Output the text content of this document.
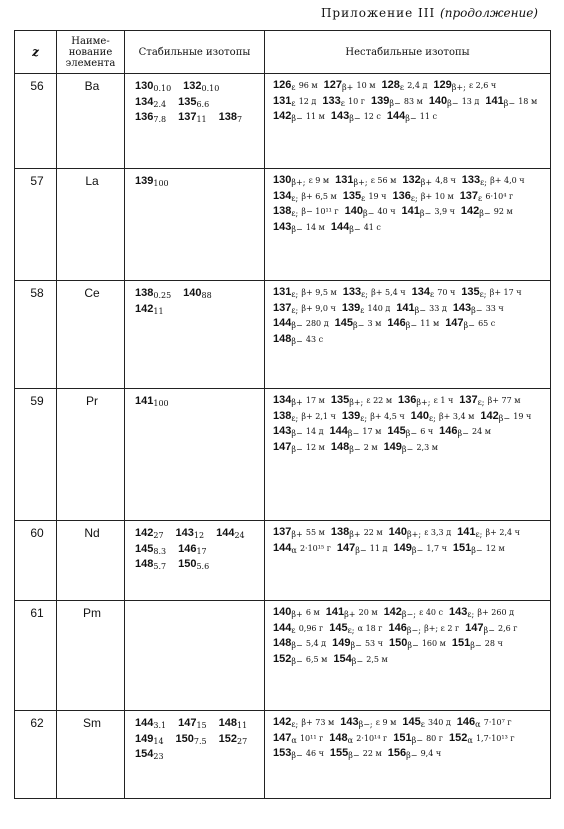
Приложение III (продолжение)
z	Наиме-нование элемента	Стабильные изотопы	Нестабильные изотопы
56	Ba	$130_{0.10}$ $132_{0.10}134_{2.4}$ $135_{6.6}136_{7.8}$ $137_{11}$ $138_7$	$126_\varepsilon$ 96 м $127_{\beta+}$ 10 м $128_\varepsilon$ 2,4 д $129_{\beta+;}$ ε 2,6 $ч131_\varepsilon$ 12 д $133_\varepsilon$ 10 г $139_{\beta-}$ 83 м $140_{\beta-}$ 13 д $141_{\beta-}$ 18 $м142_{\beta-}$ 11 м $143_{\beta-}$ 12 с $144_{\beta-}$ 11 с
57	La	$139_{100}$	$130_{\beta+;}$ ε 9 м $131_{\beta+;}$ ε 56 м $132_{\beta+}$ 4,8 ч $133_{\varepsilon;}$ β+ 4,0 $ч134_{\varepsilon;}$ β+ 6,5 м $135_\varepsilon$ 19 ч $136_{\varepsilon;}$ β+ 10 м $137_\varepsilon$ 6·10⁴ $г138_{\varepsilon;}$ β− 10¹¹ г $140_{\beta-}$ 40 ч $141_{\beta-}$ 3,9 ч $142_{\beta-}$ 92 $м143_{\beta-}$ 14 м $144_{\beta-}$ 41 с
58	Ce	$138_{0.25}$ $140_{88}142_{11}$	$131_{\varepsilon;}$ β+ 9,5 м $133_{\varepsilon;}$ β+ 5,4 ч $134_\varepsilon$ 70 ч $135_{\varepsilon;}$ β+ 17 $ч137_{\varepsilon;}$ β+ 9,0 ч $139_\varepsilon$ 140 д $141_{\beta-}$ 33 д $143_{\beta-}$ 33 $ч144_{\beta-}$ 280 д $145_{\beta-}$ 3 м $146_{\beta-}$ 11 м $147_{\beta-}$ 65 $с148_{\beta-}$ 43 с
59	Pr	$141_{100}$	$134_{\beta+}$ 17 м $135_{\beta+;}$ ε 22 м $136_{\beta+;}$ ε 1 ч $137_{\varepsilon;}$ β+ 77 $м138_{\varepsilon;}$ β+ 2,1 ч $139_{\varepsilon;}$ β+ 4,5 ч $140_{\varepsilon;}$ β+ 3,4 м $142_{\beta-}$ 19 $ч143_{\beta-}$ 14 д $144_{\beta-}$ 17 м $145_{\beta-}$ 6 ч $146_{\beta-}$ 24 $м147_{\beta-}$ 12 м $148_{\beta-}$ 2 м $149_{\beta-}$ 2,3 м
60	Nd	$142_{27}$ $143_{12}$ $144_{24}145_{8.3}$ $146_{17}148_{5.7}$ $150_{5.6}$	$137_{\beta+}$ 55 м $138_{\beta+}$ 22 м $140_{\beta+;}$ ε 3,3 д $141_{\varepsilon;}$ β+ 2,4 $ч144_\alpha$ 2·10¹⁵ г $147_{\beta-}$ 11 д $149_{\beta-}$ 1,7 ч $151_{\beta-}$ 12 м
61	Pm		$140_{\beta+}$ 6 м $141_{\beta+}$ 20 м $142_{\beta-;}$ ε 40 с $143_{\varepsilon;}$ β+ 260 $д144_\varepsilon$ 0,96 г $145_{\varepsilon;}$ α 18 г $146_{\beta-;}$ β+; ε 2 г $147_{\beta-}$ 2,6 $г148_{\beta-}$ 5,4 д $149_{\beta-}$ 53 ч $150_{\beta-}$ 160 м $151_{\beta-}$ 28 $ч152_{\beta-}$ 6,5 м $154_{\beta-}$ 2,5 м
62	Sm	$144_{3.1}$ $147_{15}$ $148_{11}149_{14}$ $150_{7.5}$ $152_{27}154_{23}$	$142_{\varepsilon;}$ β+ 73 м $143_{\beta-;}$ ε 9 м $145_\varepsilon$ 340 д $146_\alpha$ 7·10⁷ $г147_\alpha$ 10¹¹ г $148_\alpha$ 2·10¹⁴ г $151_{\beta-}$ 80 г $152_\alpha$ 1,7·10¹³ $г153_{\beta-}$ 46 ч $155_{\beta-}$ 22 м $156_{\beta-}$ 9,4 ч
